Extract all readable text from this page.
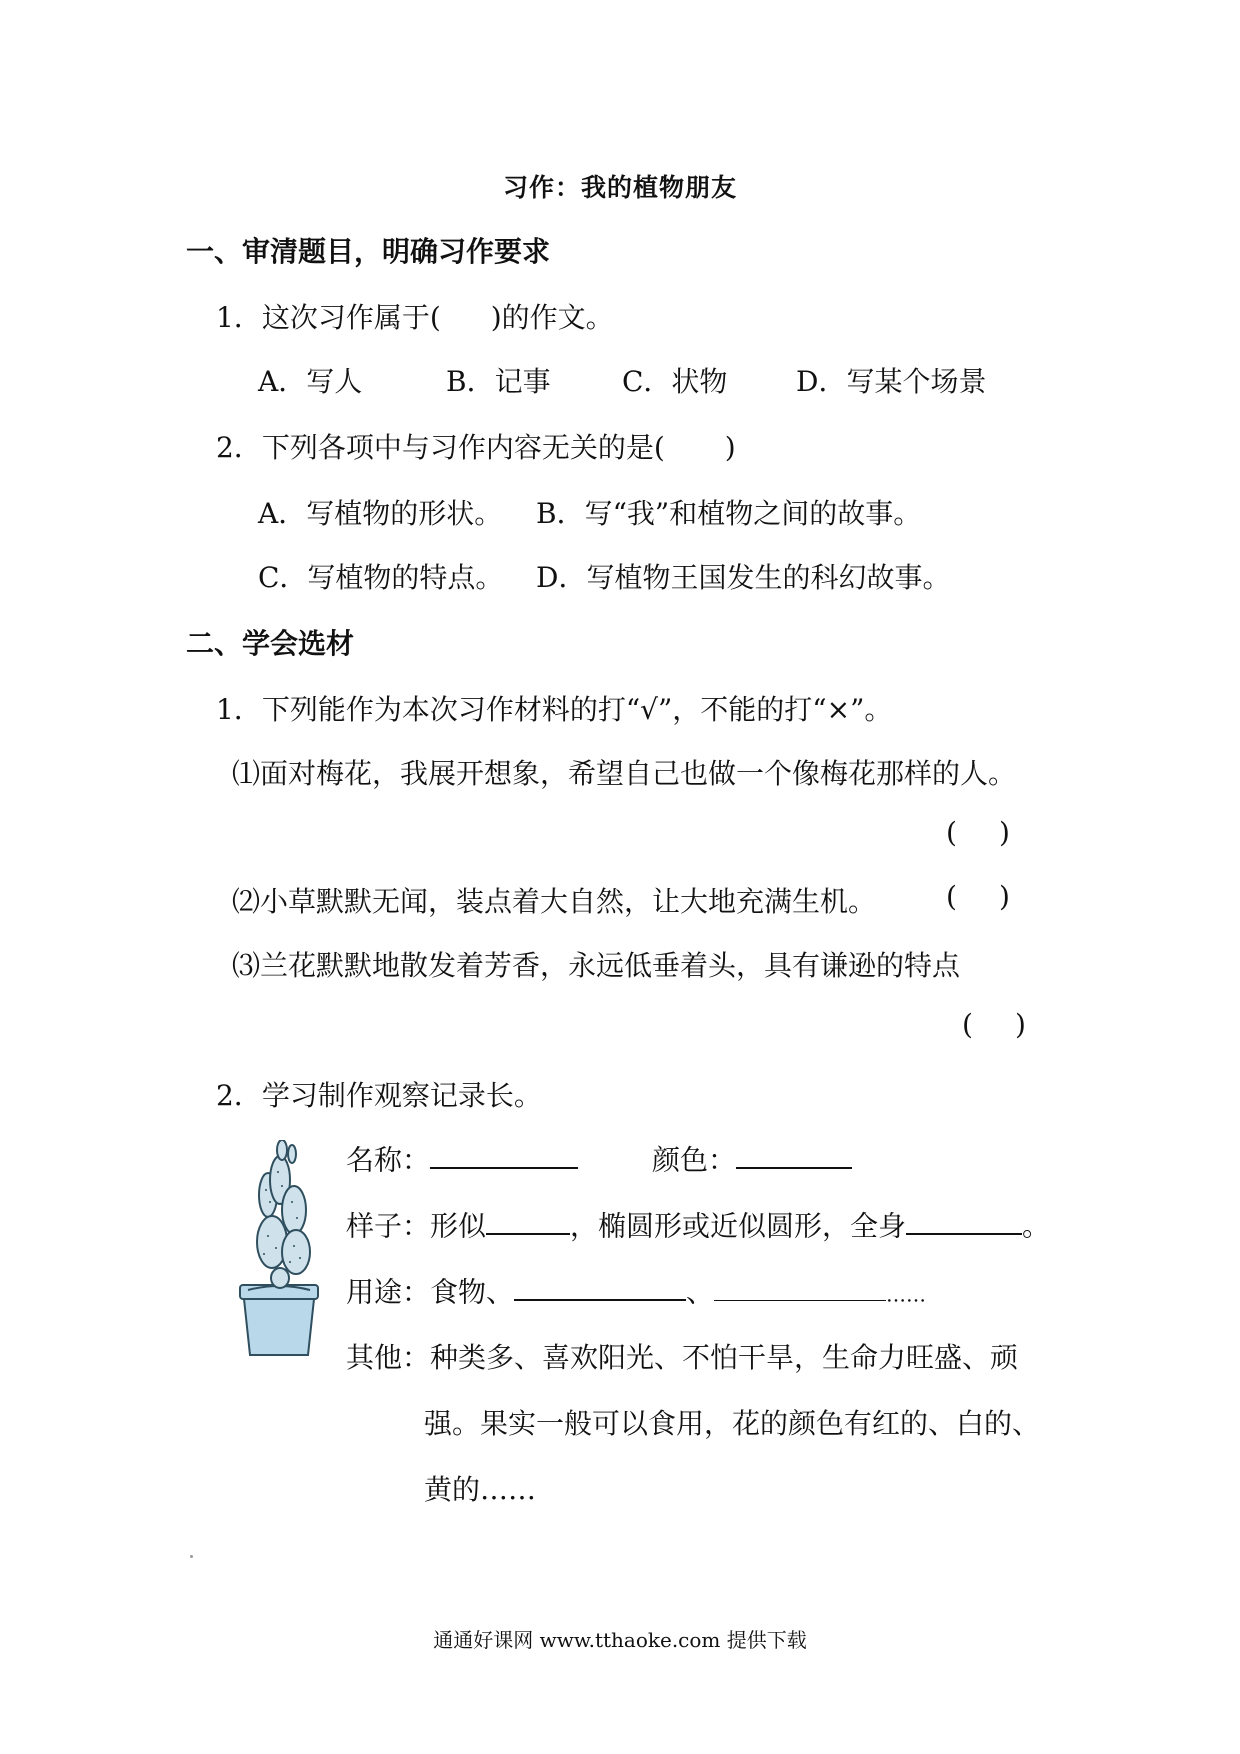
习作：我的植物朋友
一、审清题目，明确习作要求
1．这次习作属于( )的作文。
A．写人	B．记事	C．状物 D．写某个场景
2．下列各项中与习作内容无关的是( )
A．写植物的形状。 B．写“我”和植物之间的故事。
C．写植物的特点。 D．写植物王国发生的科幻故事。
二、学会选材
1．下列能作为本次习作材料的打“√”，不能的打“×”。
⑴面对梅花，我展开想象，希望自己也做一个像梅花那样的人。
( )
⑵小草默默无闻，装点着大自然，让大地充满生机。 ( )
⑶兰花默默地散发着芳香，永远低垂着头，具有谦逊的特点
( )
2．学习制作观察记录长。
名称：	颜色：
样子：形似	，椭圆形或近似圆形，全身	。
用途：食物、	、	……
其他：种类多、喜欢阳光、不怕干旱，生命力旺盛、顽
强。果实一般可以食用，花的颜色有红的、白的、
黄的……
通通好课网 www.tthaoke.com 提供下载
